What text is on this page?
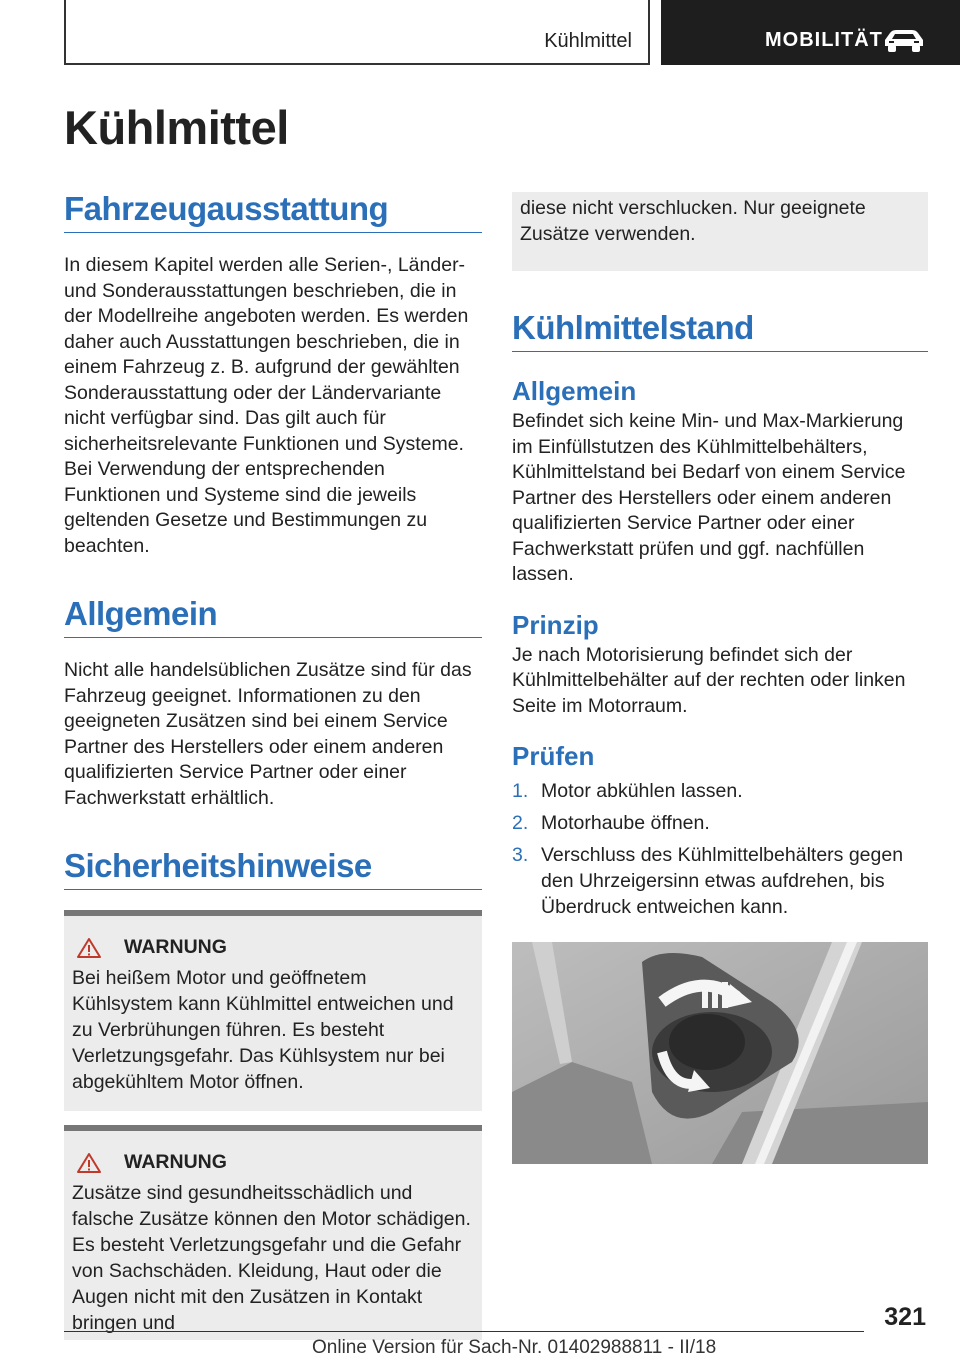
Kühlmittel	MOBILITÄT
Kühlmittel
Fahrzeugausstattung

In diesem Kapitel werden alle Serien-, Länder- und Sonderausstattungen beschrieben, die in der Modellreihe angeboten werden. Es werden daher auch Ausstattungen beschrieben, die in einem Fahrzeug z. B. aufgrund der gewählten Sonderausstattung oder der Ländervariante nicht verfügbar sind. Das gilt auch für sicherheitsrelevante Funktionen und Systeme. Bei Verwendung der entsprechenden Funktionen und Systeme sind die jeweils geltenden Gesetze und Bestimmungen zu beachten.

Allgemein

Nicht alle handelsüblichen Zusätze sind für das Fahrzeug geeignet. Informationen zu den geeigneten Zusätzen sind bei einem Service Partner des Herstellers oder einem anderen qualifizierten Service Partner oder einer Fachwerkstatt erhältlich.

Sicherheitshinweise
WARNUNG

Bei heißem Motor und geöffnetem Kühlsystem kann Kühlmittel entweichen und zu Verbrühungen führen. Es besteht Verletzungsgefahr. Das Kühlsystem nur bei abgekühltem Motor öffnen.

WARNUNG

Zusätze sind gesundheitsschädlich und falsche Zusätze können den Motor schädigen. Es besteht Verletzungsgefahr und die Gefahr von Sachschäden. Kleidung, Haut oder die Augen nicht mit den Zusätzen in Kontakt bringen und

diese nicht verschlucken. Nur geeignete Zusätze verwenden.

Kühlmittelstand
Allgemein

Befindet sich keine Min- und Max-Markierung im Einfüllstutzen des Kühlmittelbehälters, Kühlmittelstand bei Bedarf von einem Service Partner des Herstellers oder einem anderen qualifizierten Service Partner oder einer Fachwerkstatt prüfen und ggf. nachfüllen lassen.

Prinzip

Je nach Motorisierung befindet sich der Kühlmittelbehälter auf der rechten oder linken Seite im Motorraum.

Prüfen
1. Motor abkühlen lassen.
2. Motorhaube öffnen.
3. Verschluss des Kühlmittelbehälters gegen den Uhrzeigersinn etwas aufdrehen, bis Überdruck entweichen kann.
321
Online Version für Sach-Nr. 01402988811 - II/18
